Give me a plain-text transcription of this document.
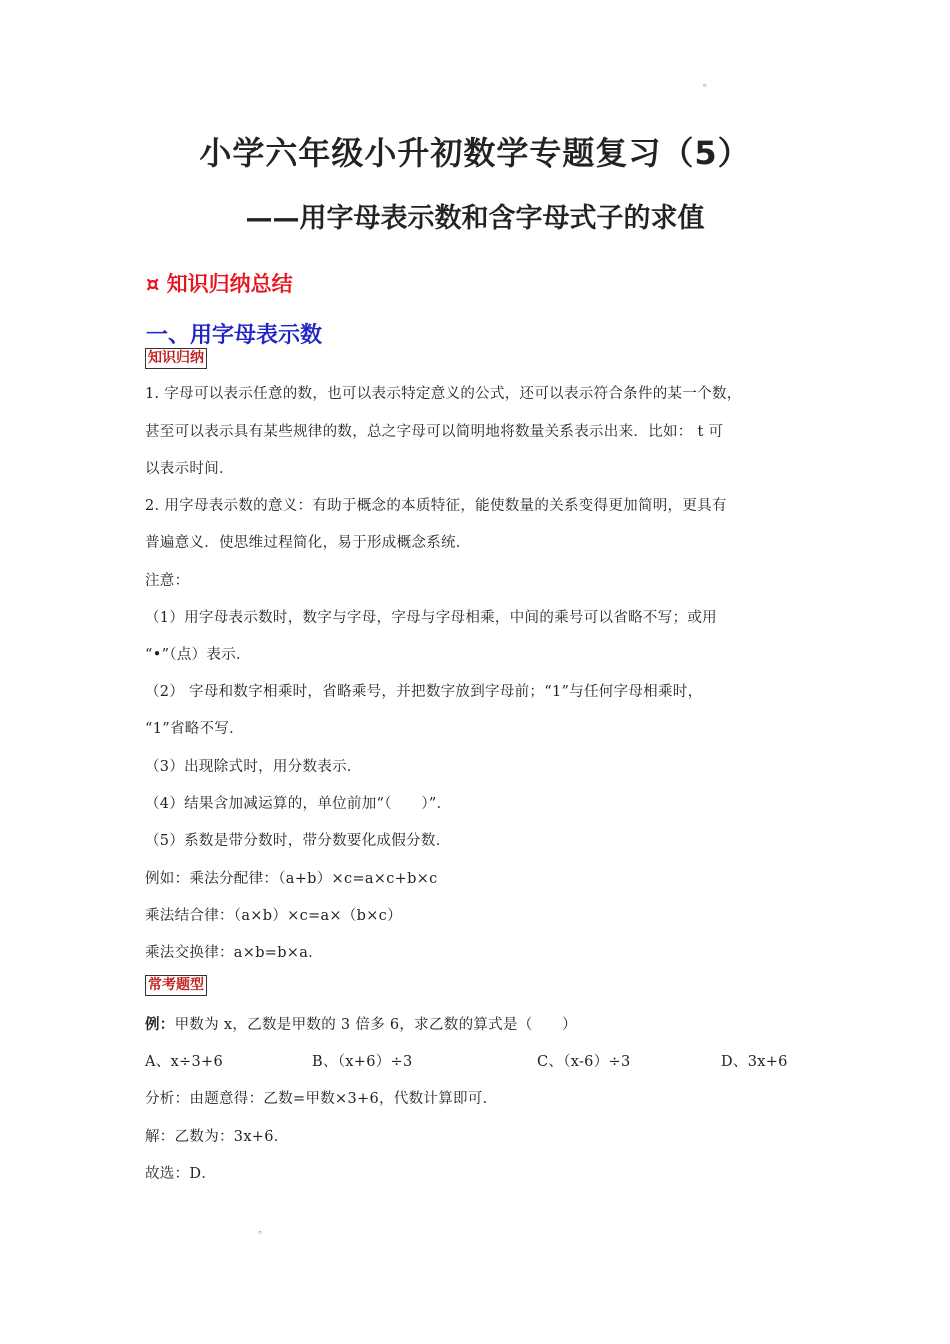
。
小学六年级小升初数学专题复习（5）
——用字母表示数和含字母式子的求值
¤ 知识归纳总结
一、用字母表示数
知识归纳
1. 字母可以表示任意的数，也可以表示特定意义的公式，还可以表示符合条件的某一个数，
甚至可以表示具有某些规律的数，总之字母可以简明地将数量关系表示出来．比如： t 可
以表示时间．
2. 用字母表示数的意义：有助于概念的本质特征，能使数量的关系变得更加简明，更具有
普遍意义．使思维过程简化，易于形成概念系统．
注意：
（1）用字母表示数时，数字与字母，字母与字母相乘，中间的乘号可以省略不写；或用
“•”（点）表示．
（2） 字母和数字相乘时，省略乘号，并把数字放到字母前；“1”与任何字母相乘时，
“1”省略不写．
（3）出现除式时，用分数表示．
（4）结果含加减运算的，单位前加“（　　）”．
（5）系数是带分数时，带分数要化成假分数．
例如：乘法分配律：（a+b）×c=a×c+b×c
乘法结合律：（a×b）×c=a×（b×c）
乘法交换律：a×b=b×a．
常考题型
例：甲数为 x，乙数是甲数的 3 倍多 6，求乙数的算式是（　　）
A、x÷3+6	B、（x+6）÷3	C、（x-6）÷3	D、3x+6
分析：由题意得：乙数=甲数×3+6，代数计算即可．
解：乙数为：3x+6．
故选：D．
。
